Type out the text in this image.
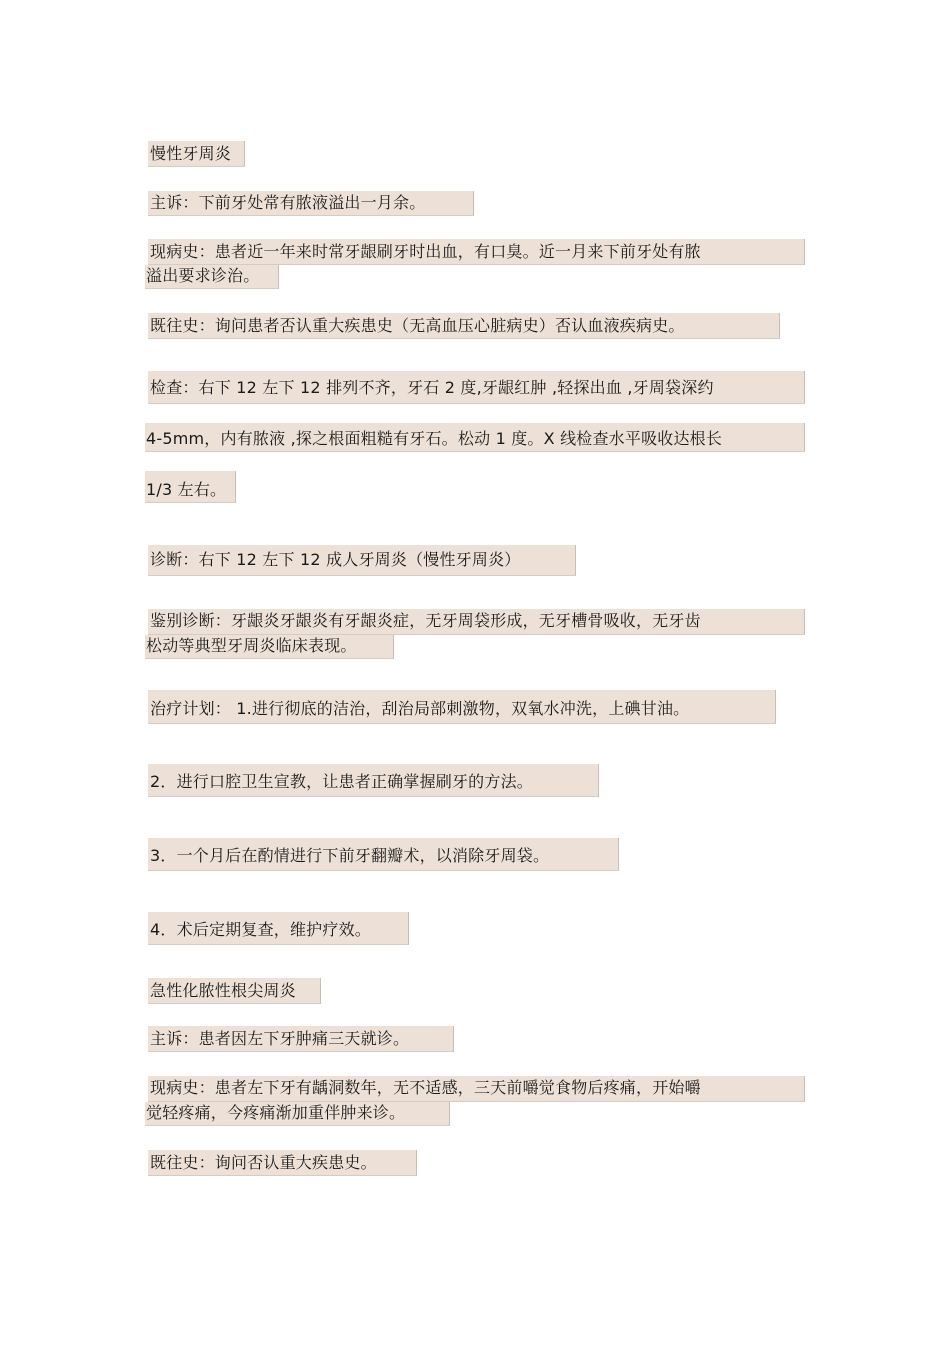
慢性牙周炎
主诉：下前牙处常有脓液溢出一月余。
现病史：患者近一年来时常牙龈刷牙时出血，有口臭。近一月来下前牙处有脓
溢出要求诊治。
既往史：询问患者否认重大疾患史（无高血压心脏病史）否认血液疾病史。
检查：右下 12 左下 12 排列不齐，牙石 2 度,牙龈红肿 ,轻探出血 ,牙周袋深约
4-5mm，内有脓液 ,探之根面粗糙有牙石。松动 1 度。X 线检查水平吸收达根长
1/3 左右。
诊断：右下 12 左下 12 成人牙周炎（慢性牙周炎）
鉴别诊断：牙龈炎牙龈炎有牙龈炎症，无牙周袋形成，无牙槽骨吸收，无牙齿
松动等典型牙周炎临床表现。
治疗计划： 1.进行彻底的洁治，刮治局部刺激物，双氧水冲洗，上碘甘油。
2．进行口腔卫生宣教，让患者正确掌握刷牙的方法。
3．一个月后在酌情进行下前牙翻瓣术，以消除牙周袋。
4．术后定期复查，维护疗效。
急性化脓性根尖周炎
主诉：患者因左下牙肿痛三天就诊。
现病史：患者左下牙有龋洞数年，无不适感，三天前嚼觉食物后疼痛，开始嚼
觉轻疼痛，今疼痛渐加重伴肿来诊。
既往史：询问否认重大疾患史。
